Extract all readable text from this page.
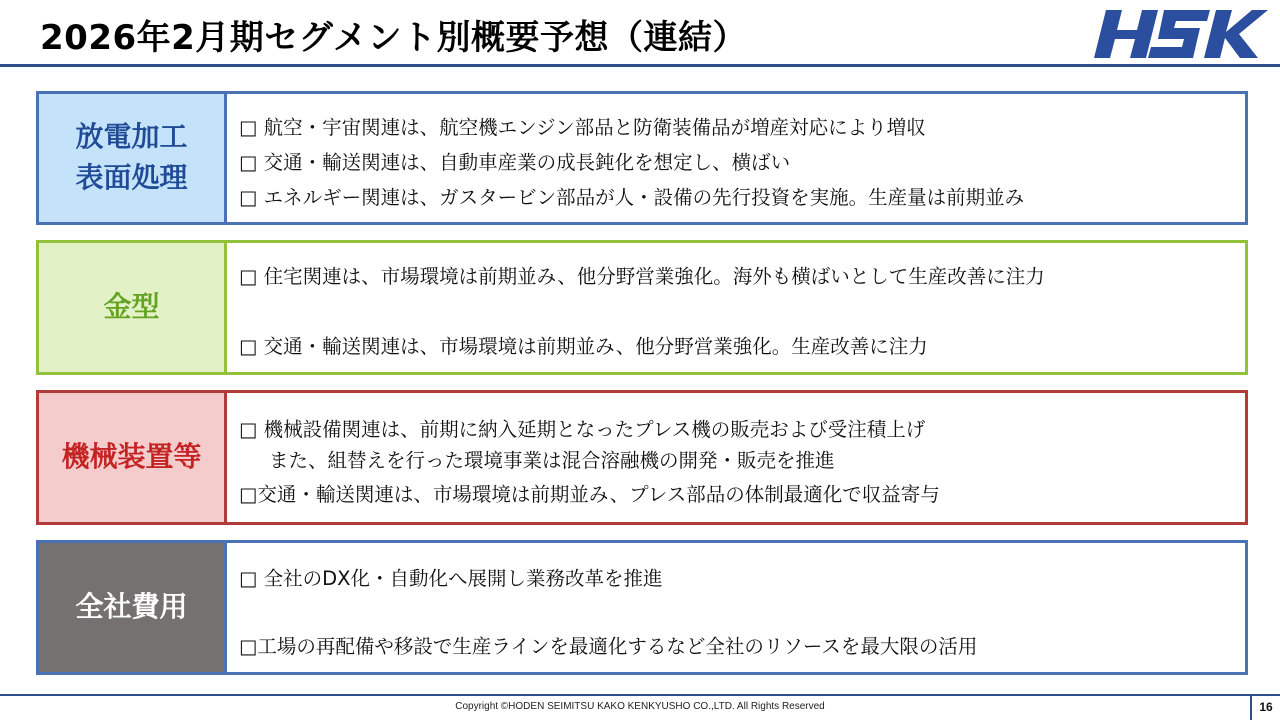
2026年2月期セグメント別概要予想（連結）
放電加工
表面処理
□ 航空・宇宙関連は、航空機エンジン部品と防衛装備品が増産対応により増収
□ 交通・輸送関連は、自動車産業の成長鈍化を想定し、横ばい
□ エネルギー関連は、ガスタービン部品が人・設備の先行投資を実施。生産量は前期並み
金型
□ 住宅関連は、市場環境は前期並み、他分野営業強化。海外も横ばいとして生産改善に注力
□ 交通・輸送関連は、市場環境は前期並み、他分野営業強化。生産改善に注力
機械装置等
□ 機械設備関連は、前期に納入延期となったプレス機の販売および受注積上げ
また、組替えを行った環境事業は混合溶融機の開発・販売を推進
□交通・輸送関連は、市場環境は前期並み、プレス部品の体制最適化で収益寄与
全社費用
□ 全社のDX化・自動化へ展開し業務改革を推進
□工場の再配備や移設で生産ラインを最適化するなど全社のリソースを最大限の活用
Copyright ©HODEN SEIMITSU KAKO KENKYUSHO CO.,LTD. All Rights Reserved	16
